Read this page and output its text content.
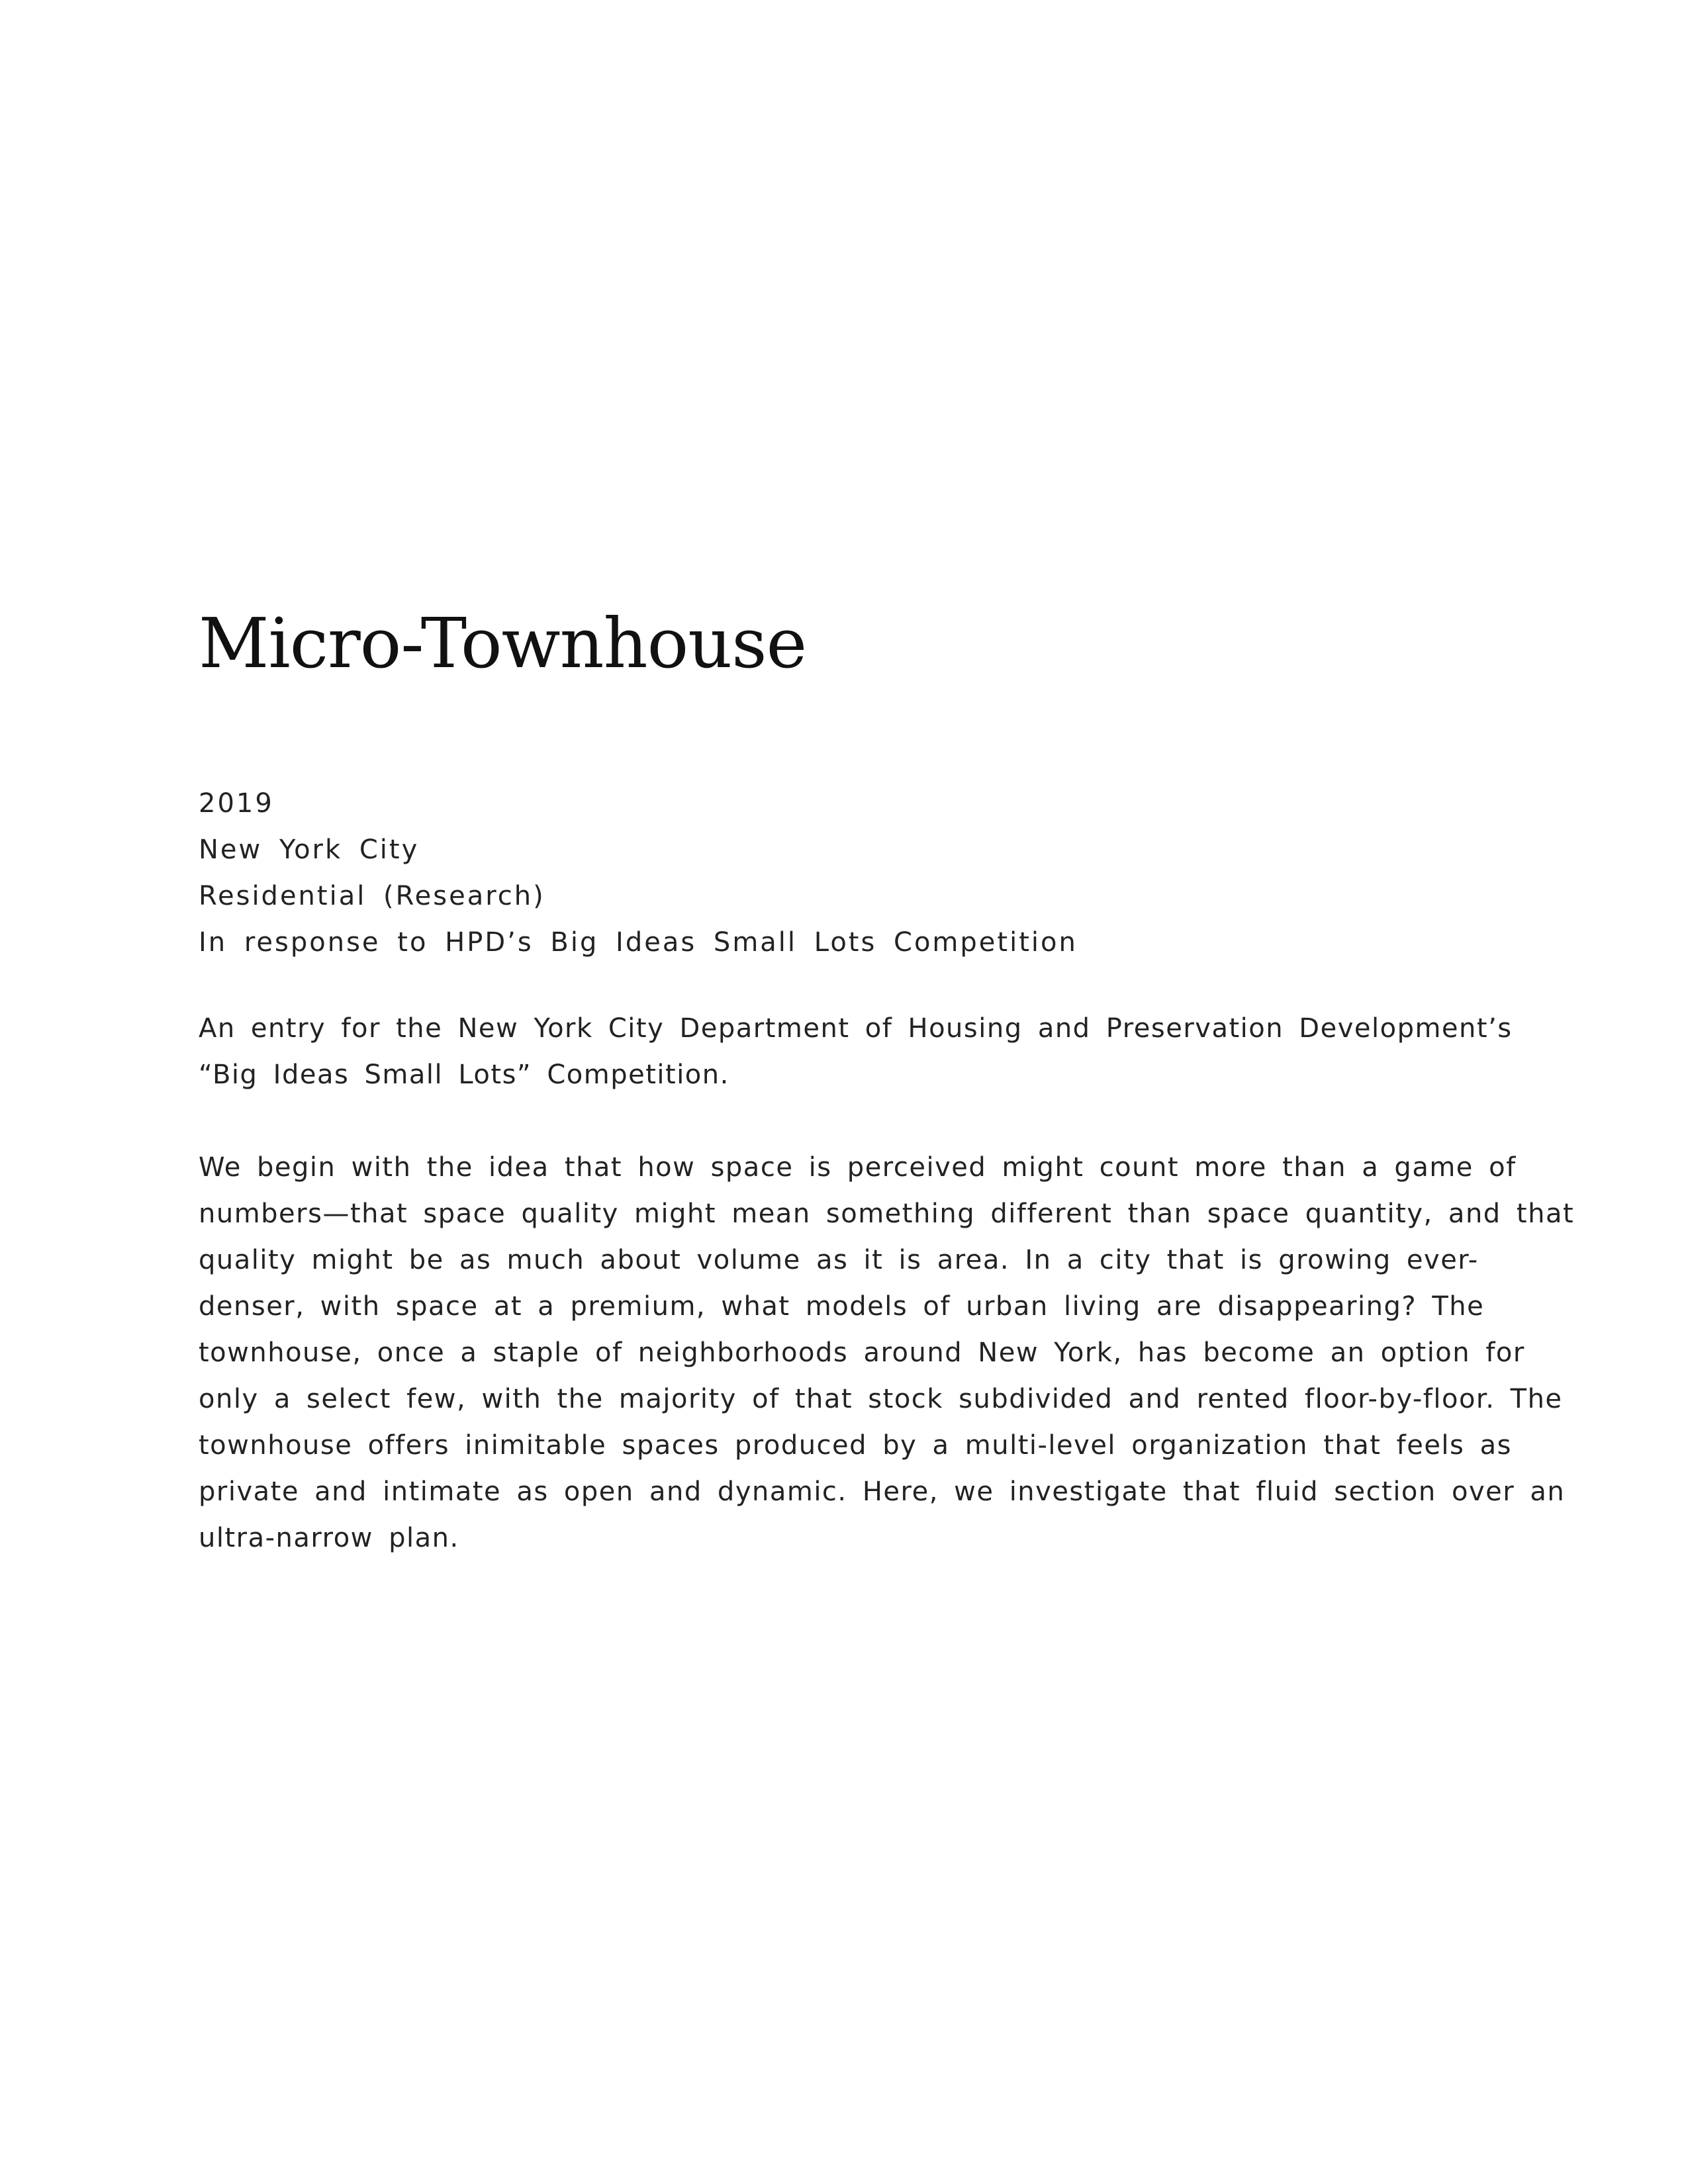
Micro-Townhouse
2019
New York City
Residential (Research)
In response to HPD’s Big Ideas Small Lots Competition

An entry for the New York City Department of Housing and Preservation Development’s
“Big Ideas Small Lots” Competition.

We begin with the idea that how space is perceived might count more than a game of
numbers—that space quality might mean something different than space quantity, and that
quality might be as much about volume as it is area. In a city that is growing ever-
denser, with space at a premium, what models of urban living are disappearing? The
townhouse, once a staple of neighborhoods around New York, has become an option for
only a select few, with the majority of that stock subdivided and rented floor-by-floor. The
townhouse offers inimitable spaces produced by a multi-level organization that feels as
private and intimate as open and dynamic. Here, we investigate that fluid section over an
ultra-narrow plan.
